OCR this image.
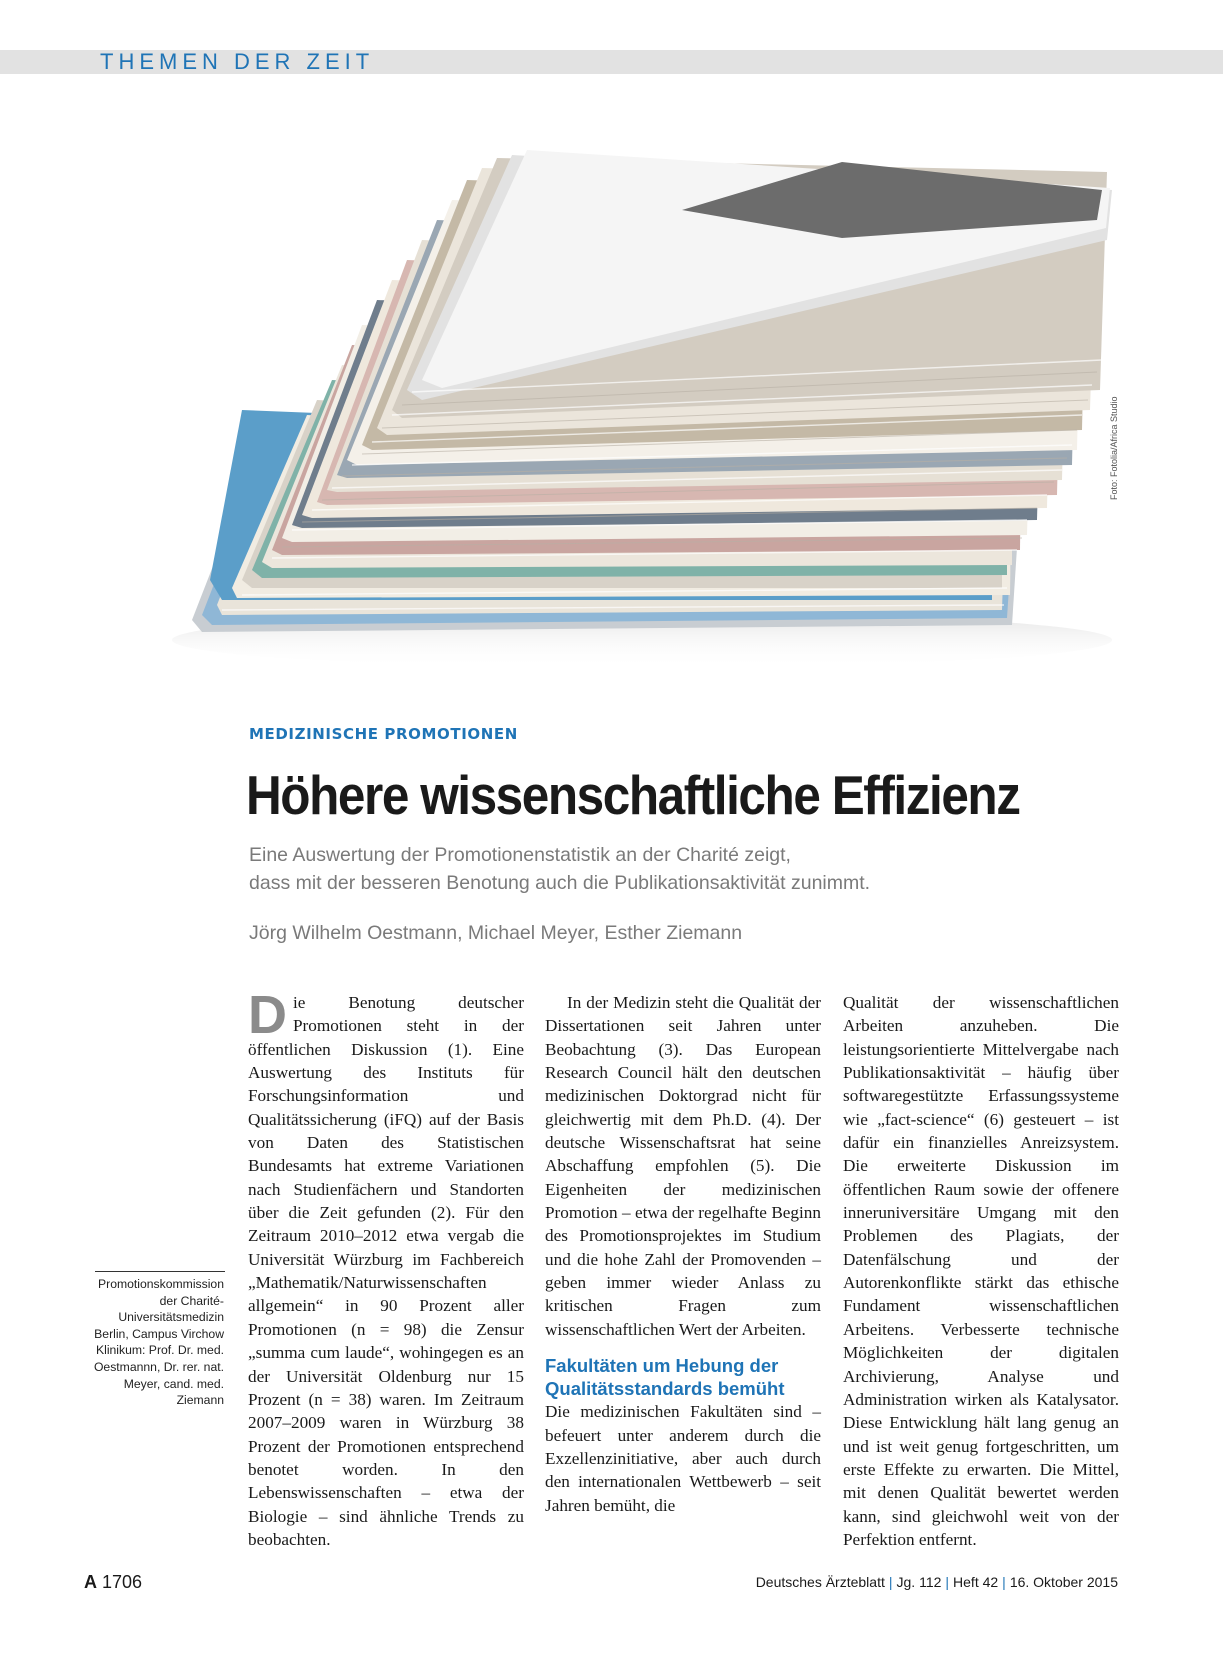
THEMEN DER ZEIT
Foto: Fotolia/Africa Studio
MEDIZINISCHE PROMOTIONEN
Höhere wissenschaftliche Effizienz
Eine Auswertung der Promotionenstatistik an der Charité zeigt,
dass mit der besseren Benotung auch die Publikationsaktivität zunimmt.
Jörg Wilhelm Oestmann, Michael Meyer, Esther Ziemann
Promotionskommission der Charité-Universitätsmedizin Berlin, Campus Virchow Klinikum: Prof. Dr. med. Oestmannn, Dr. rer. nat. Meyer, cand. med. Ziemann

Die Benotung deutscher Promotionen steht in der öffentlichen Diskussion (1). Eine Auswertung des Instituts für Forschungsinformation und Qualitätssicherung (iFQ) auf der Basis von Daten des Statistischen Bundesamts hat extreme Variationen nach Studienfächern und Standorten über die Zeit gefunden (2). Für den Zeitraum 2010–2012 etwa vergab die Universität Würzburg im Fachbereich „Mathematik/Naturwissenschaften allgemein“ in 90 Prozent aller Promotionen (n = 98) die Zensur „summa cum laude“, wohingegen es an der Universität Oldenburg nur 15 Prozent (n = 38) waren. Im Zeitraum 2007–2009 waren in Würzburg 38 Prozent der Promotionen entsprechend benotet worden. In den Lebenswissenschaften – etwa der Biologie – sind ähnliche Trends zu beobachten.

In der Medizin steht die Qualität der Dissertationen seit Jahren unter Beobachtung (3). Das European Research Council hält den deutschen medizinischen Doktorgrad nicht für gleichwertig mit dem Ph.D. (4). Der deutsche Wissenschaftsrat hat seine Abschaffung empfohlen (5). Die Eigenheiten der medizinischen Promotion – etwa der regelhafte Beginn des Promotionsprojektes im Studium und die hohe Zahl der Promovenden – geben immer wieder Anlass zu kritischen Fragen zum wissenschaftlichen Wert der Arbeiten.

Fakultäten um Hebung der Qualitätsstandards bemüht

Die medizinischen Fakultäten sind – befeuert unter anderem durch die Exzellenzinitiative, aber auch durch den internationalen Wettbewerb – seit Jahren bemüht, die

Qualität der wissenschaftlichen Arbeiten anzuheben. Die leistungsorientierte Mittelvergabe nach Publikationsaktivität – häufig über softwaregestützte Erfassungssysteme wie „fact-science“ (6) gesteuert – ist dafür ein finanzielles Anreizsystem. Die erweiterte Diskussion im öffentlichen Raum sowie der offenere inneruniversitäre Umgang mit den Problemen des Plagiats, der Datenfälschung und der Autorenkonflikte stärkt das ethische Fundament wissenschaftlichen Arbeitens. Verbesserte technische Möglichkeiten der digitalen Archivierung, Analyse und Administration wirken als Katalysator. Diese Entwicklung hält lang genug an und ist weit genug fortgeschritten, um erste Effekte zu erwarten. Die Mittel, mit denen Qualität bewertet werden kann, sind gleichwohl weit von der Perfektion entfernt.

A 1706	Deutsches Ärzteblatt | Jg. 112 | Heft 42 | 16. Oktober 2015
